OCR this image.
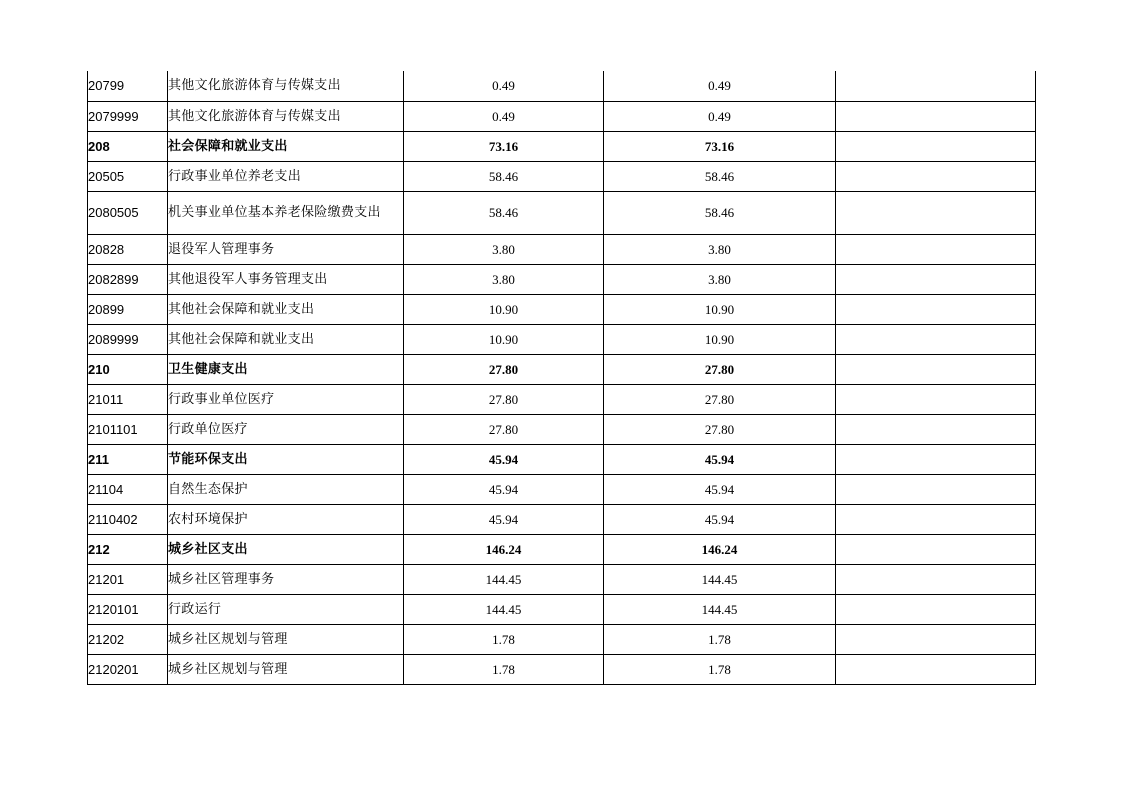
20799	其他文化旅游体育与传媒支出	0.49	0.49	
2079999	其他文化旅游体育与传媒支出	0.49	0.49	
208	社会保障和就业支出	73.16	73.16	
20505	行政事业单位养老支出	58.46	58.46	
2080505	机关事业单位基本养老保险缴费支出	58.46	58.46	
20828	退役军人管理事务	3.80	3.80	
2082899	其他退役军人事务管理支出	3.80	3.80	
20899	其他社会保障和就业支出	10.90	10.90	
2089999	其他社会保障和就业支出	10.90	10.90	
210	卫生健康支出	27.80	27.80	
21011	行政事业单位医疗	27.80	27.80	
2101101	行政单位医疗	27.80	27.80	
211	节能环保支出	45.94	45.94	
21104	自然生态保护	45.94	45.94	
2110402	农村环境保护	45.94	45.94	
212	城乡社区支出	146.24	146.24	
21201	城乡社区管理事务	144.45	144.45	
2120101	行政运行	144.45	144.45	
21202	城乡社区规划与管理	1.78	1.78	
2120201	城乡社区规划与管理	1.78	1.78	
